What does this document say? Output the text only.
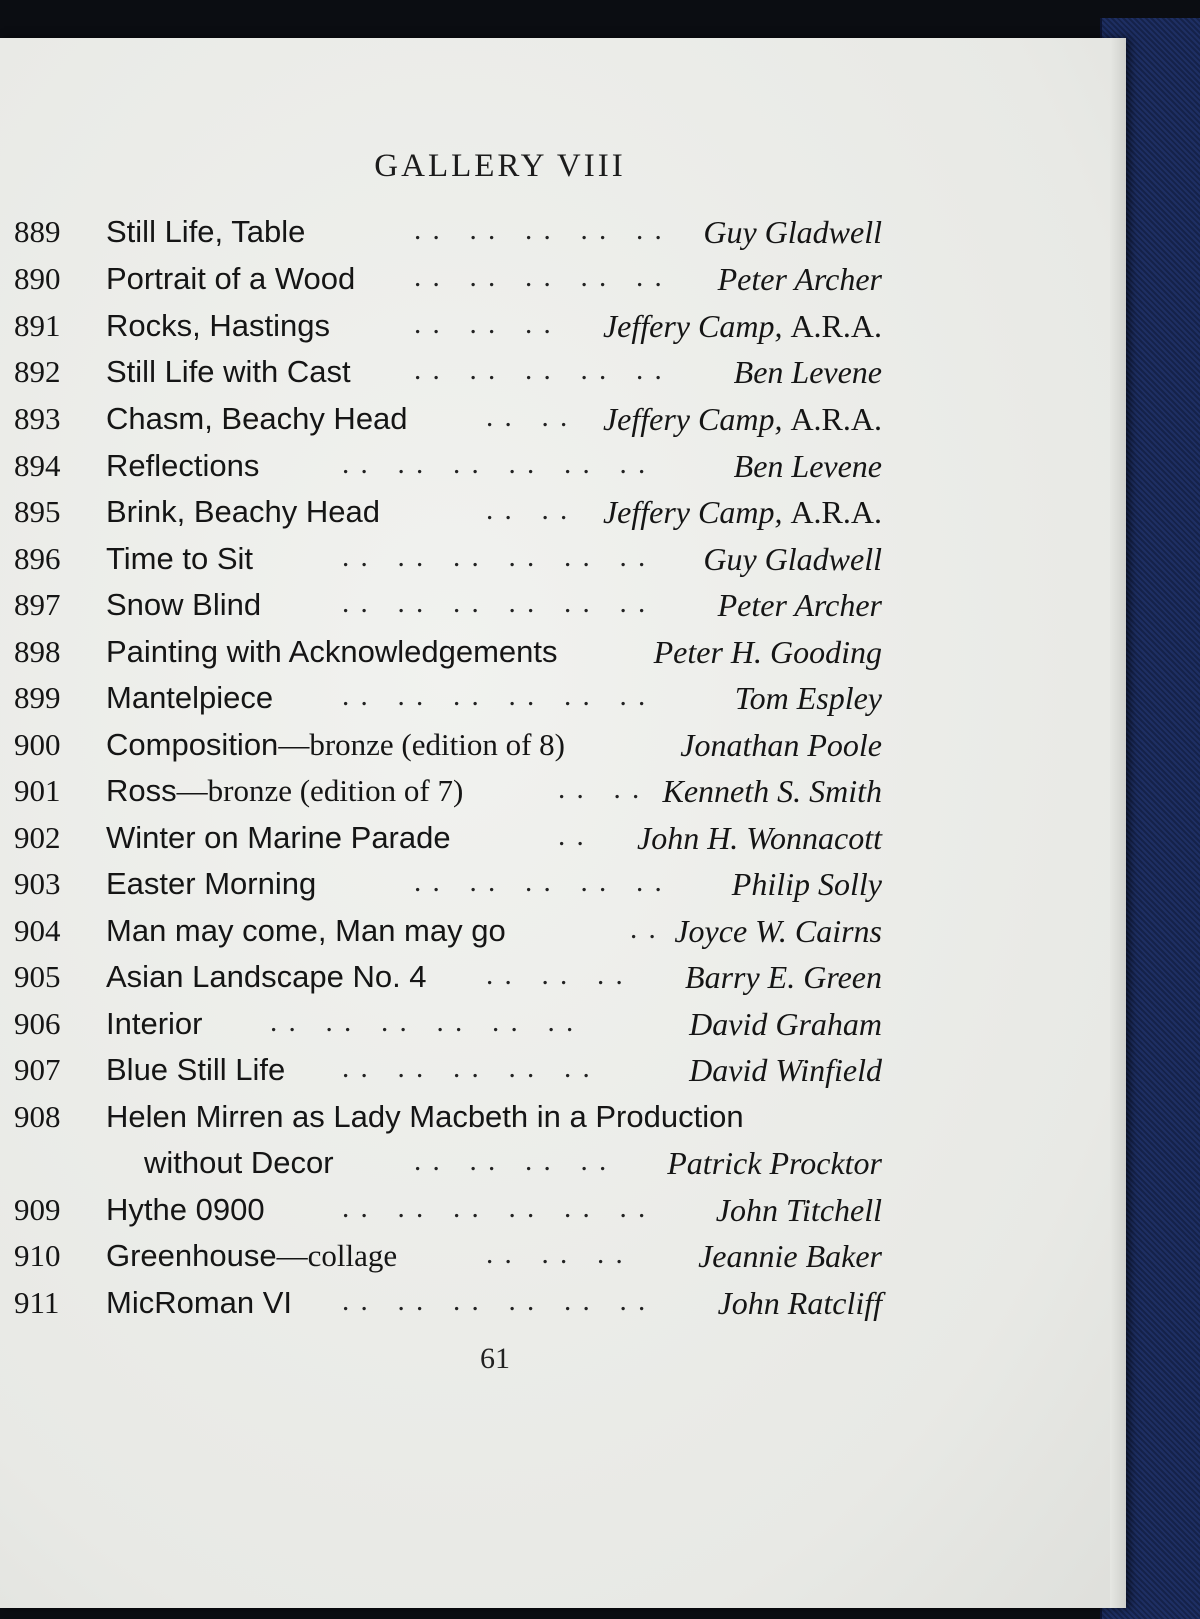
GALLERY VIII
889 Still Life, Table	. .   . .   . .   . .   . . Guy Gladwell
890 Portrait of a Wood . .   . .   . .   . .   . . Peter Archer
891 Rocks, Hastings	. .   . .   . . Jeffery Camp, A.R.A.
892 Still Life with Cast . .   . .   . .   . .   . . Ben Levene
893 Chasm, Beachy Head	. .   . . Jeffery Camp, A.R.A.
894 Reflections	. .   . .   . .   . .   . .   . .	Ben Levene
895 Brink, Beachy Head	. .   . . Jeffery Camp, A.R.A.
896 Time to Sit	. .   . .   . .   . .   . .   . . Guy Gladwell
897 Snow Blind	. .   . .   . .   . .   . .   . . Peter Archer
898 Painting with Acknowledgements	Peter H. Gooding
899 Mantelpiece . .   . .   . .   . .   . .   . .	Tom Espley
900 Composition—bronze (edition of 8)	Jonathan Poole
901 Ross—bronze (edition of 7)	. .   . . Kenneth S. Smith
902 Winter on Marine Parade	. . John H. Wonnacott
903 Easter Morning	. .   . .   . .   . .   . . Philip Solly
904 Man may come, Man may go	. . Joyce W. Cairns
905 Asian Landscape No. 4 . .   . .   . . Barry E. Green
906 Interior . .   . .   . .   . .   . .   . .	David Graham
907 Blue Still Life . .   . .   . .   . .   . .	David Winfield
908 Helen Mirren as Lady Macbeth in a Production
without Decor	. .   . .   . .   . . Patrick Procktor
909 Hythe 0900	. .   . .   . .   . .   . .   . . John Titchell
910 Greenhouse—collage	. .   . .   . . Jeannie Baker
911 MicRoman VI . .   . .   . .   . .   . .   . . John Ratcliff
61
